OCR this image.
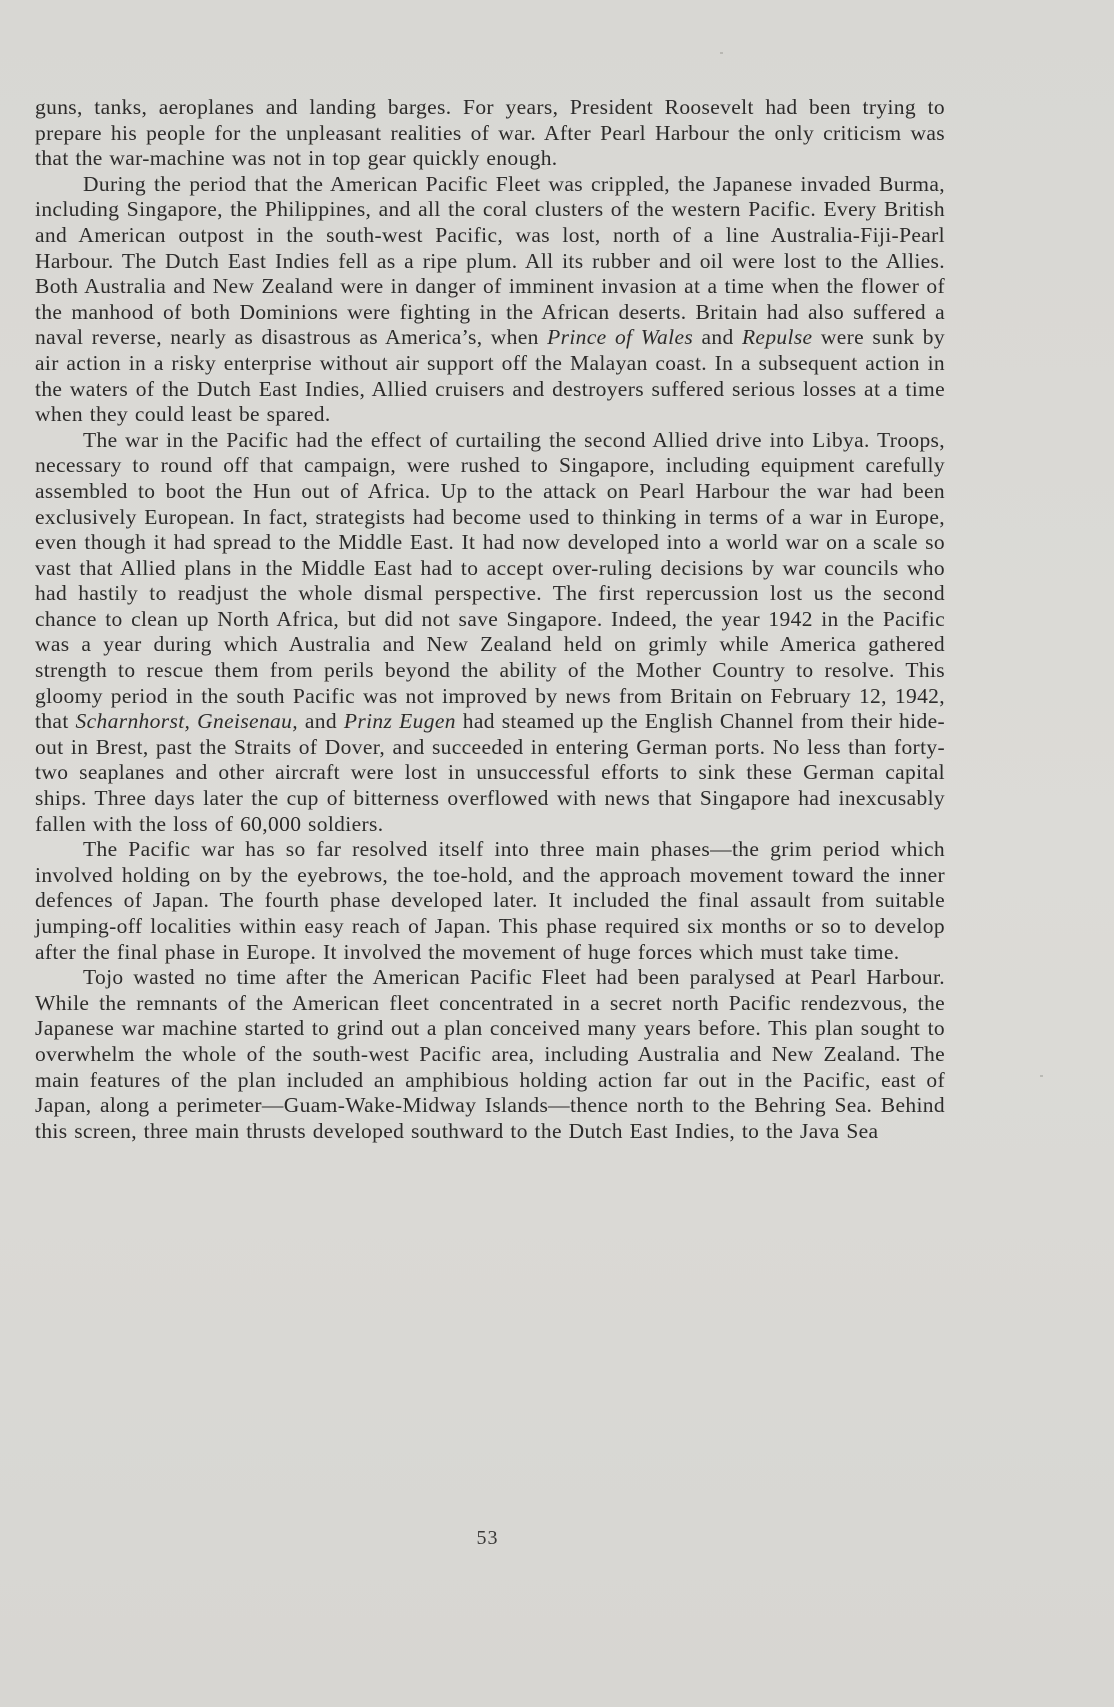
guns, tanks, aeroplanes and landing barges. For years, President Roosevelt had been trying to prepare his people for the unpleasant realities of war. After Pearl Harbour the only criticism was that the war-machine was not in top gear quickly enough.

During the period that the American Pacific Fleet was crippled, the Japanese invaded Burma, including Singapore, the Philippines, and all the coral clusters of the western Pacific. Every British and American outpost in the south-west Pacific, was lost, north of a line Australia-Fiji-Pearl Harbour. The Dutch East Indies fell as a ripe plum. All its rubber and oil were lost to the Allies. Both Australia and New Zealand were in danger of imminent invasion at a time when the flower of the manhood of both Dominions were fighting in the African deserts. Britain had also suffered a naval reverse, nearly as disastrous as America’s, when Prince of Wales and Repulse were sunk by air action in a risky enterprise without air support off the Malayan coast. In a subsequent action in the waters of the Dutch East Indies, Allied cruisers and destroyers suffered serious losses at a time when they could least be spared.

The war in the Pacific had the effect of curtailing the second Allied drive into Libya. Troops, necessary to round off that campaign, were rushed to Singapore, including equipment carefully assembled to boot the Hun out of Africa. Up to the attack on Pearl Harbour the war had been exclusively European. In fact, strategists had become used to thinking in terms of a war in Europe, even though it had spread to the Middle East. It had now developed into a world war on a scale so vast that Allied plans in the Middle East had to accept over-ruling decisions by war councils who had hastily to readjust the whole dismal perspective. The first repercussion lost us the second chance to clean up North Africa, but did not save Singapore. Indeed, the year 1942 in the Pacific was a year during which Australia and New Zealand held on grimly while America gathered strength to rescue them from perils beyond the ability of the Mother Country to resolve. This gloomy period in the south Pacific was not improved by news from Britain on February 12, 1942, that Scharnhorst, Gneisenau, and Prinz Eugen had steamed up the English Channel from their hide-out in Brest, past the Straits of Dover, and succeeded in entering German ports. No less than forty-two seaplanes and other aircraft were lost in unsuccessful efforts to sink these German capital ships. Three days later the cup of bitterness overflowed with news that Singapore had inexcusably fallen with the loss of 60,000 soldiers.

The Pacific war has so far resolved itself into three main phases—the grim period which involved holding on by the eyebrows, the toe-hold, and the approach movement toward the inner defences of Japan. The fourth phase developed later. It included the final assault from suitable jumping-off localities within easy reach of Japan. This phase required six months or so to develop after the final phase in Europe. It involved the movement of huge forces which must take time.

Tojo wasted no time after the American Pacific Fleet had been paralysed at Pearl Harbour. While the remnants of the American fleet concentrated in a secret north Pacific rendezvous, the Japanese war machine started to grind out a plan conceived many years before. This plan sought to overwhelm the whole of the south-west Pacific area, including Australia and New Zealand. The main features of the plan included an amphibious holding action far out in the Pacific, east of Japan, along a perimeter—Guam-Wake-Midway Islands—thence north to the Behring Sea. Behind this screen, three main thrusts developed southward to the Dutch East Indies, to the Java Sea

53
